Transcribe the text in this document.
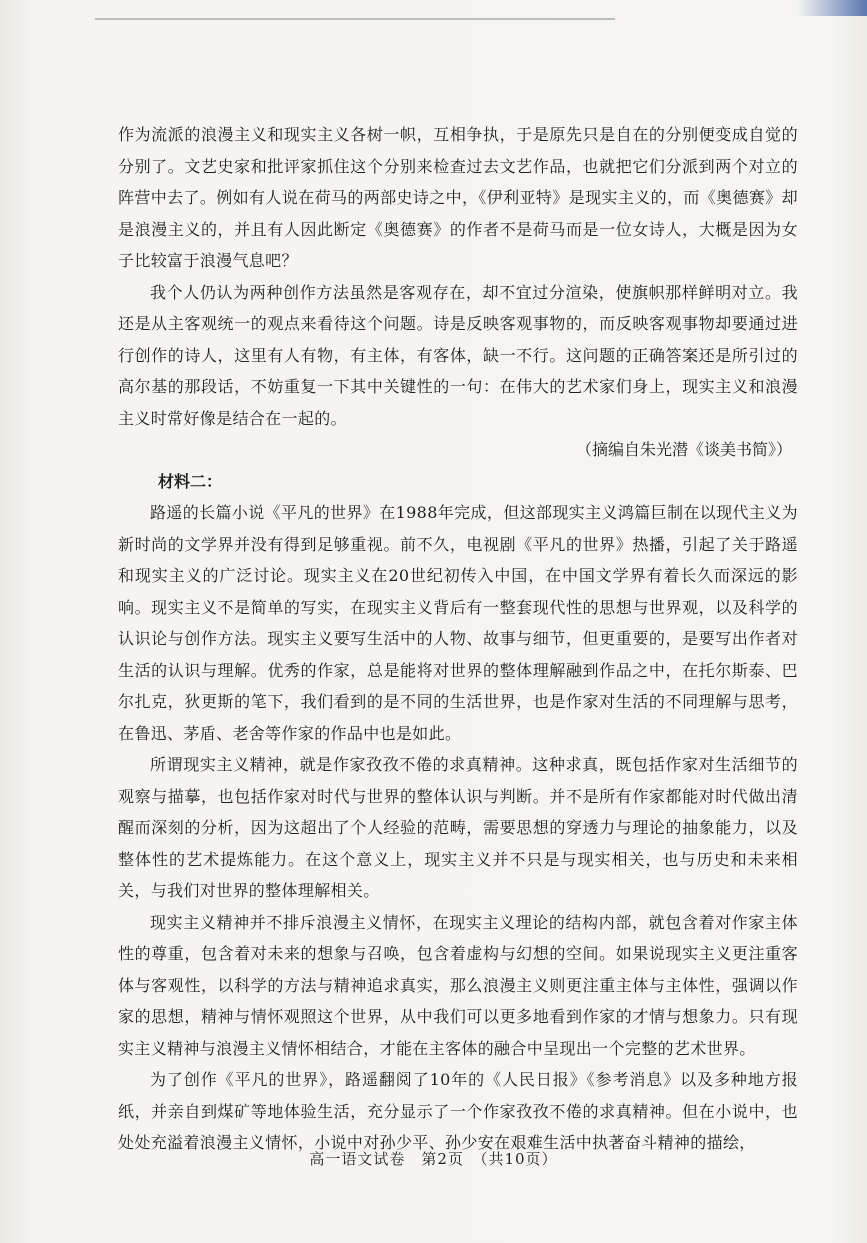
作为流派的浪漫主义和现实主义各树一帜，互相争执，于是原先只是自在的分别便变成自觉的分别了。文艺史家和批评家抓住这个分别来检查过去文艺作品，也就把它们分派到两个对立的阵营中去了。例如有人说在荷马的两部史诗之中，《伊利亚特》是现实主义的，而《奥德赛》却是浪漫主义的，并且有人因此断定《奥德赛》的作者不是荷马而是一位女诗人，大概是因为女子比较富于浪漫气息吧？

我个人仍认为两种创作方法虽然是客观存在，却不宜过分渲染，使旗帜那样鲜明对立。我还是从主客观统一的观点来看待这个问题。诗是反映客观事物的，而反映客观事物却要通过进行创作的诗人，这里有人有物，有主体，有客体，缺一不行。这问题的正确答案还是所引过的高尔基的那段话，不妨重复一下其中关键性的一句：在伟大的艺术家们身上，现实主义和浪漫主义时常好像是结合在一起的。

（摘编自朱光潜《谈美书简》）

材料二：

路遥的长篇小说《平凡的世界》在1988年完成，但这部现实主义鸿篇巨制在以现代主义为新时尚的文学界并没有得到足够重视。前不久，电视剧《平凡的世界》热播，引起了关于路遥和现实主义的广泛讨论。现实主义在20世纪初传入中国，在中国文学界有着长久而深远的影响。现实主义不是简单的写实，在现实主义背后有一整套现代性的思想与世界观，以及科学的认识论与创作方法。现实主义要写生活中的人物、故事与细节，但更重要的，是要写出作者对生活的认识与理解。优秀的作家，总是能将对世界的整体理解融到作品之中，在托尔斯泰、巴尔扎克，狄更斯的笔下，我们看到的是不同的生活世界，也是作家对生活的不同理解与思考，在鲁迅、茅盾、老舍等作家的作品中也是如此。

所谓现实主义精神，就是作家孜孜不倦的求真精神。这种求真，既包括作家对生活细节的观察与描摹，也包括作家对时代与世界的整体认识与判断。并不是所有作家都能对时代做出清醒而深刻的分析，因为这超出了个人经验的范畴，需要思想的穿透力与理论的抽象能力，以及整体性的艺术提炼能力。在这个意义上，现实主义并不只是与现实相关，也与历史和未来相关，与我们对世界的整体理解相关。

现实主义精神并不排斥浪漫主义情怀，在现实主义理论的结构内部，就包含着对作家主体性的尊重，包含着对未来的想象与召唤，包含着虚构与幻想的空间。如果说现实主义更注重客体与客观性，以科学的方法与精神追求真实，那么浪漫主义则更注重主体与主体性，强调以作家的思想，精神与情怀观照这个世界，从中我们可以更多地看到作家的才情与想象力。只有现实主义精神与浪漫主义情怀相结合，才能在主客体的融合中呈现出一个完整的艺术世界。

为了创作《平凡的世界》，路遥翻阅了10年的《人民日报》《参考消息》以及多种地方报纸，并亲自到煤矿等地体验生活，充分显示了一个作家孜孜不倦的求真精神。但在小说中，也处处充溢着浪漫主义情怀，小说中对孙少平、孙少安在艰难生活中执著奋斗精神的描绘，

高一语文试卷　第2页　（共10页）
